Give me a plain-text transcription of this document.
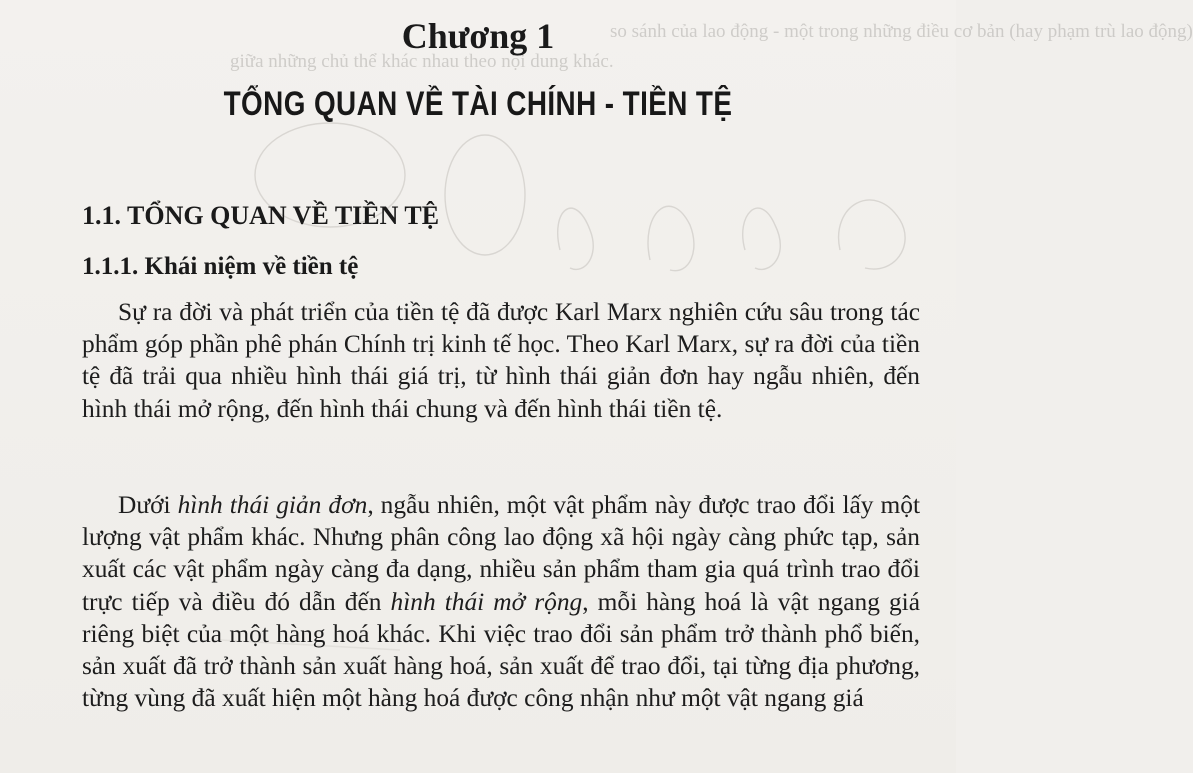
so sánh của lao động - một trong những điều cơ bản (hay phạm trù lao động)
giữa những chủ thể khác nhau theo nội dung khác.
Chương 1
TỔNG QUAN VỀ TÀI CHÍNH - TIỀN TỆ
1.1. TỔNG QUAN VỀ TIỀN TỆ
1.1.1. Khái niệm về tiền tệ

Sự ra đời và phát triển của tiền tệ đã được Karl Marx nghiên cứu sâu trong tác phẩm góp phần phê phán Chính trị kinh tế học. Theo Karl Marx, sự ra đời của tiền tệ đã trải qua nhiều hình thái giá trị, từ hình thái giản đơn hay ngẫu nhiên, đến hình thái mở rộng, đến hình thái chung và đến hình thái tiền tệ.

Dưới hình thái giản đơn, ngẫu nhiên, một vật phẩm này được trao đổi lấy một lượng vật phẩm khác. Nhưng phân công lao động xã hội ngày càng phức tạp, sản xuất các vật phẩm ngày càng đa dạng, nhiều sản phẩm tham gia quá trình trao đổi trực tiếp và điều đó dẫn đến hình thái mở rộng, mỗi hàng hoá là vật ngang giá riêng biệt của một hàng hoá khác. Khi việc trao đổi sản phẩm trở thành phổ biến, sản xuất đã trở thành sản xuất hàng hoá, sản xuất để trao đổi, tại từng địa phương, từng vùng đã xuất hiện một hàng hoá được công nhận như một vật ngang giá
